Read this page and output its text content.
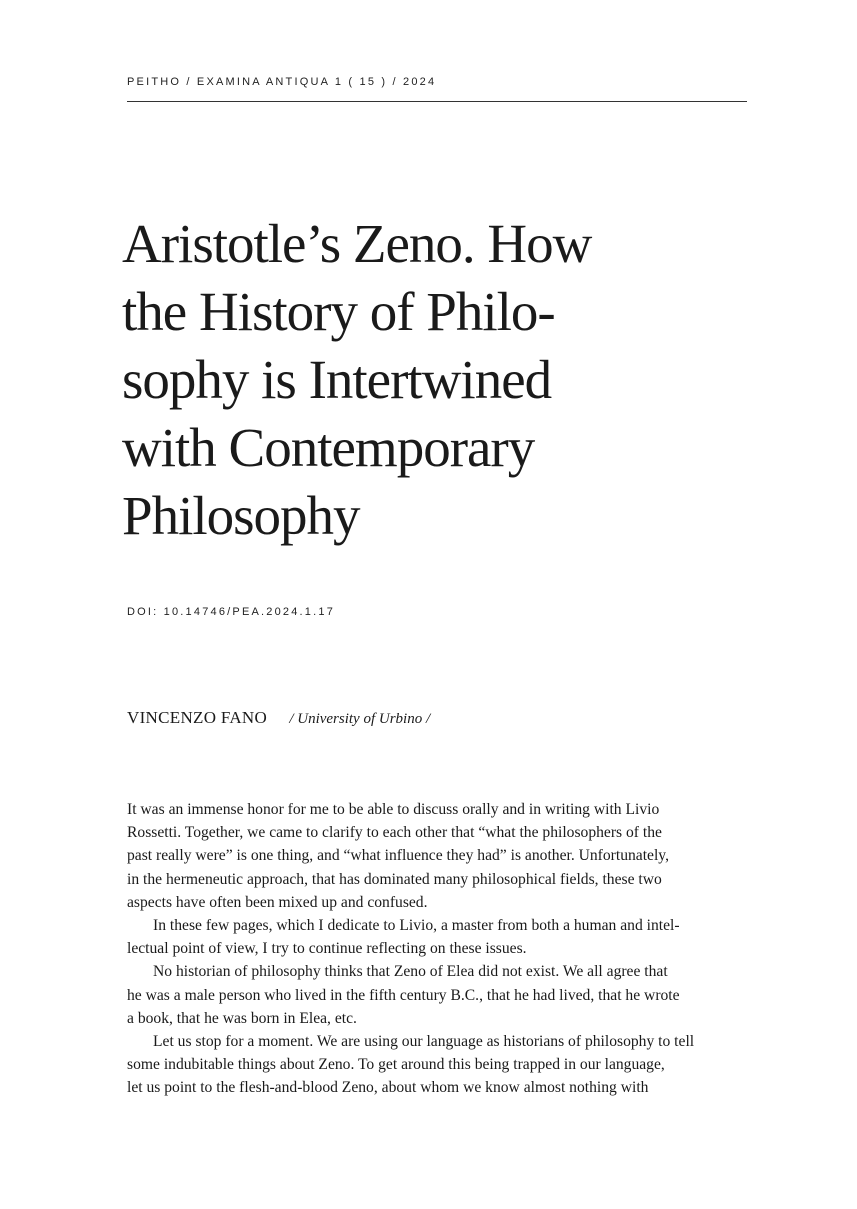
PEITHO / EXAMINA ANTIQUA 1 ( 15 ) / 2024
Aristotle’s Zeno. How
the History of Philo-
sophy is Intertwined
with Contemporary
Philosophy
DOI: 10.14746/PEA.2024.1.17
VINCENZO FANO / University of Urbino /
It was an immense honor for me to be able to discuss orally and in writing with Livio
Rossetti. Together, we came to clarify to each other that “what the philosophers of the
past really were” is one thing, and “what influence they had” is another. Unfortunately,
in the hermeneutic approach, that has dominated many philosophical fields, these two
aspects have often been mixed up and confused.
In these few pages, which I dedicate to Livio, a master from both a human and intel-
lectual point of view, I try to continue reflecting on these issues.
No historian of philosophy thinks that Zeno of Elea did not exist. We all agree that
he was a male person who lived in the fifth century B.C., that he had lived, that he wrote
a book, that he was born in Elea, etc.
Let us stop for a moment. We are using our language as historians of philosophy to tell
some indubitable things about Zeno. To get around this being trapped in our language,
let us point to the flesh-and-blood Zeno, about whom we know almost nothing with
